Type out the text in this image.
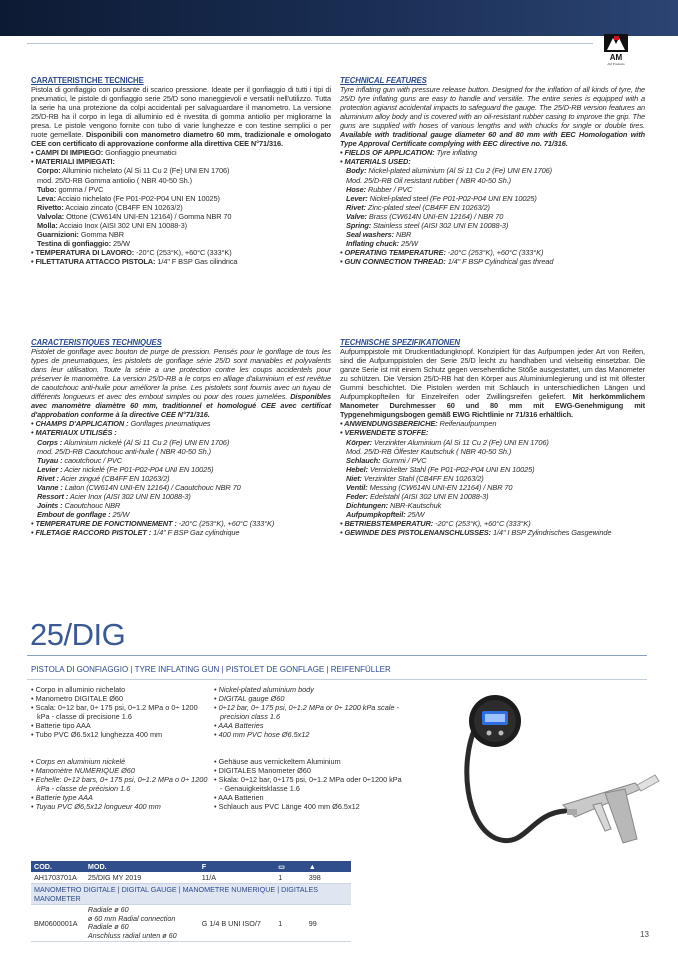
AM
AM Products

CARATTERISTICHE TECNICHE

Pistola di gonfiaggio con pulsante di scarico pressione. Ideate per il gonfiaggio di tutti i tipi di pneumatici, le pistole di gonfiaggio serie 25/D sono maneggievoli e versatili nell'utilizzo. Tutta la serie ha una protezione da colpi accidentali per salvaguardare il manometro. La versione 25/D-RB ha il corpo in lega di alluminio ed è rivestita di gomma antiolio per migliorarne la presa. Le pistole vengono fornite con tubo di varie lunghezze e con testine semplici o per ruote gemellate. Disponibili con manometro diametro 60 mm, tradizionale e omologato CEE con certificato di approvazione conforme alla direttiva CEE N°71/316.

• CAMPI DI IMPIEGO: Gonfiaggio pneumatici

• MATERIALI IMPIEGATI:

Corpo: Alluminio nichelato (Al Si 11 Cu 2 (Fe) UNI EN 1706)

mod. 25/D-RB Gomma antiolio ( NBR 40-50 Sh.)

Tubo: gomma / PVC

Leva: Acciaio nichelato (Fe P01-P02-P04 UNI EN 10025)

Rivetto: Acciaio zincato (CB4FF EN 10263/2)

Valvola: Ottone (CW614N UNI-EN 12164) / Gomma NBR 70

Molla: Acciaio Inox (AISI 302 UNI EN 10088-3)

Guarnizioni: Gomma NBR

Testina di gonfiaggio: 25/W

• TEMPERATURA DI LAVORO: -20°C (253°K), +60°C (333°K)

• FILETTATURA ATTACCO PISTOLA: 1/4" F BSP Gas cilindrica

CARACTERISTIQUES TECHNIQUES

Pistolet de gonflage avec bouton de purge de pression. Pensés pour le gonflage de tous les types de pneumatiques, les pistolets de gonflage série 25/D sont maniables et polyvalents dans leur utilisation. Toute la série a une protection contre les coups accidentels pour préserver le manomètre. La version 25/D-RB a le corps en alliage d'aluminium et est revêtue de caoutchouc anti-huile pour améliorer la prise. Les pistolets sont fournis avec un tuyau de différents longueurs et avec des embout simples ou pour des roues jumelées. Disponibles avec manomètre diamètre 60 mm, traditionnel et homologué CEE avec certificat d'approbation conforme à la directive CEE N°71/316.

• CHAMPS D'APPLICATION : Gonflages pneumatiques

• MATERIAUX UTILISÉS :

Corps : Aluminium nickelé (Al Si 11 Cu 2 (Fe) UNI EN 1706)

mod. 25/D-RB Caoutchouc anti-huile ( NBR 40-50 Sh.)

Tuyau : caoutchouc / PVC

Levier : Acier nickelé (Fe P01-P02-P04 UNI EN 10025)

Rivet : Acier zingué (CB4FF EN 10263/2)

Vanne : Laiton (CW614N UNI-EN 12164) / Caoutchouc NBR 70

Ressort : Acier Inox (AISI 302 UNI EN 10088-3)

Joints : Caoutchouc NBR

Embout de gonflage : 25/W

• TEMPERATURE DE FONCTIONNEMENT : -20°C (253°K), +60°C (333°K)

• FILETAGE RACCORD PISTOLET : 1/4" F BSP Gaz cylindrique

TECHNICAL FEATURES

Tyre inflating gun with pressure release button. Designed for the inflation of all kinds of tyre, the 25/D tyre inflating guns are easy to handle and versitile. The entire series is equipped with a protection agianst accidental impacts to safeguard the gauge. The 25/D-RB version features an aluminium alloy body and is covered with an oil-resistant rubber casing to improve the grip. The guns are supplied with hoses of various lengths and with chucks for single or double tires. Available with traditional gauge diameter 60 and 80 mm with EEC Homologation with Type Approval Certificate complying with EEC directive no. 71/316.

• FIELDS OF APPLICATION: Tyre inflating

• MATERIALS USED:

Body: Nickel-plated aluminium (Al Si 11 Cu 2 (Fe) UNI EN 1706)

Mod. 25/D-RB Oil resistant rubber ( NBR 40-50 Sh.)

Hose: Rubber / PVC

Lever: Nickel-plated steel (Fe P01-P02-P04 UNI EN 10025)

Rivet: Zinc-plated steel (CB4FF EN 10263/2)

Valve: Brass (CW614N UNI-EN 12164) / NBR 70

Spring: Stainless steel (AISI 302 UNI EN 10088-3)

Seal washers: NBR

Inflating chuck: 25/W

• OPERATING TEMPERATURE: -20°C (253°K), +60°C (333°K)

• GUN CONNECTION THREAD: 1/4" F BSP Cylindrical gas thread

TECHNISCHE SPEZIFIKATIONEN

Aufpumppistole mit Druckentladungknopf. Konzipiert für das Aufpumpen jeder Art von Reifen, sind die Aufpumppistolen der Serie 25/D leicht zu handhaben und vielseitig einsetzbar. Die ganze Serie ist mit einem Schutz gegen versehentliche Stöße ausgestattet, um das Manometer zu schützen. Die Version 25/D-RB hat den Körper aus Aluminiumlegierung und ist mit ölfester Gummi beschichtet. Die Pistolen werden mit Schlauch in unterschiedlichen Längen und Aufpumpkopfteilen für Einzelreifen oder Zwillingsreifen geliefert. Mit herkömmlichem Manometer Durchmesser 60 und 80 mm mit EWG-Genehmigung mit Typgenehmigungsbogen gemäß EWG Richtlinie nr 71/316 erhältlich.

• ANWENDUNGSBEREICHE: Reifenaufpumpen

• VERWENDETE STOFFE:

Körper: Verzinkter Aluminium (Al Si 11 Cu 2 (Fe) UNI EN 1706)

Mod. 25/D-RB Ölfester Kautschuk ( NBR 40-50 Sh.)

Schlauch: Gummi / PVC

Hebel: Vernickelter Stahl (Fe P01-P02-P04 UNI EN 10025)

Niet: Verzinkter Stahl (CB4FF EN 10263/2)

Ventil: Messing (CW614N UNI-EN 12164) / NBR 70

Feder: Edelstahl (AISI 302 UNI EN 10088-3)

Dichtungen: NBR-Kautschuk

Aufpumpkopfteil: 25/W

• BETRIEBSTEMPERATUR: -20°C (253°K), +60°C (333°K)

• GEWINDE DES PISTOLENANSCHLUSSES: 1/4" I BSP Zylindrisches Gasgewinde

25/DIG
PISTOLA DI GONFIAGGIO | TYRE INFLATING GUN | PISTOLET DE GONFLAGE | REIFENFÜLLER

• Corpo in alluminio nichelato

• Manometro DIGITALE Ø60

• Scala: 0÷12 bar, 0÷ 175 psi, 0÷1.2 MPa o 0÷ 1200 kPa - classe di precisione 1.6

• Batterie tipo AAA

• Tubo PVC Ø6.5x12 lunghezza 400 mm

• Corps en aluminium nickelé

• Manomètre NUMERIQUE Ø60

• Echelle: 0÷12 bars, 0÷ 175 psi, 0÷1.2 MPa o 0÷ 1200 kPa - classe de précision 1.6

• Batterie type AAA

• Tuyau PVC Ø6,5x12 longueur 400 mm

• Nickel-plated aluminium body

• DIGITAL gauge Ø60

• 0÷12 bar, 0÷ 175 psi, 0÷1.2 MPa or 0÷ 1200 kPa scale - precision class 1.6

• AAA Batteries

• 400 mm PVC hose Ø6.5x12

• Gehäuse aus vernickeltem Aluminium

• DIGITALES Manometer Ø60

• Skala: 0÷12 bar, 0÷175 psi, 0÷1.2 MPa oder 0÷1200 kPa - Genauigkeitsklasse 1.6

• AAA Batterien

• Schlauch aus PVC Länge 400 mm Ø6.5x12

COD.	MOD.	F	▭	▲
AH1703701A	25/DIG MY 2019	11/A	1	398
MANOMETRO DIGITALE | DIGITAL GAUGE | MANOMETRE NUMERIQUE | DIGITALES MANOMETER				
BM0600001A	Radiale ø 60
ø 60 mm Radial connection
Radiale ø 60
Anschluss radial unten ø 60	G 1/4 B UNI ISO/7	1	99
13
